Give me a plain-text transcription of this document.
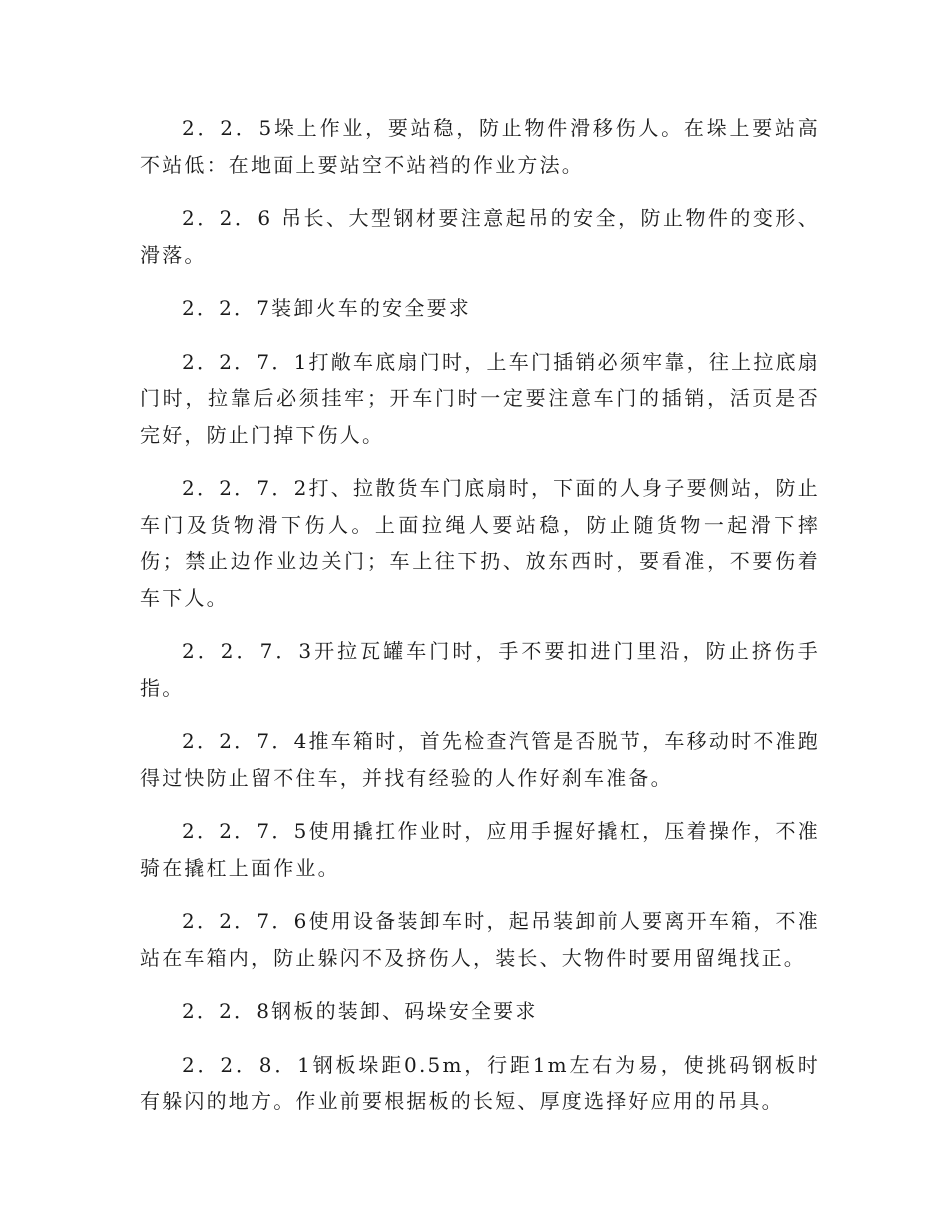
2．2．5垛上作业，要站稳，防止物件滑移伤人。在垛上要站高不站低：在地面上要站空不站裆的作业方法。

2．2．6 吊长、大型钢材要注意起吊的安全，防止物件的变形、滑落。

2．2．7装卸火车的安全要求

2．2．7．1打敞车底扇门时，上车门插销必须牢靠，往上拉底扇门时，拉靠后必须挂牢；开车门时一定要注意车门的插销，活页是否完好，防止门掉下伤人。

2．2．7．2打、拉散货车门底扇时，下面的人身子要侧站，防止车门及货物滑下伤人。上面拉绳人要站稳，防止随货物一起滑下摔伤；禁止边作业边关门；车上往下扔、放东西时，要看准，不要伤着车下人。

2．2．7．3开拉瓦罐车门时，手不要扣进门里沿，防止挤伤手指。

2．2．7．4推车箱时，首先检查汽管是否脱节，车移动时不准跑得过快防止留不住车，并找有经验的人作好刹车准备。

2．2．7．5使用撬扛作业时，应用手握好撬杠，压着操作，不准骑在撬杠上面作业。

2．2．7．6使用设备装卸车时，起吊装卸前人要离开车箱，不准站在车箱内，防止躲闪不及挤伤人，装长、大物件时要用留绳找正。

2．2．8钢板的装卸、码垛安全要求

2．2．8．1钢板垛距0.5m，行距1m左右为易，使挑码钢板时有躲闪的地方。作业前要根据板的长短、厚度选择好应用的吊具。
